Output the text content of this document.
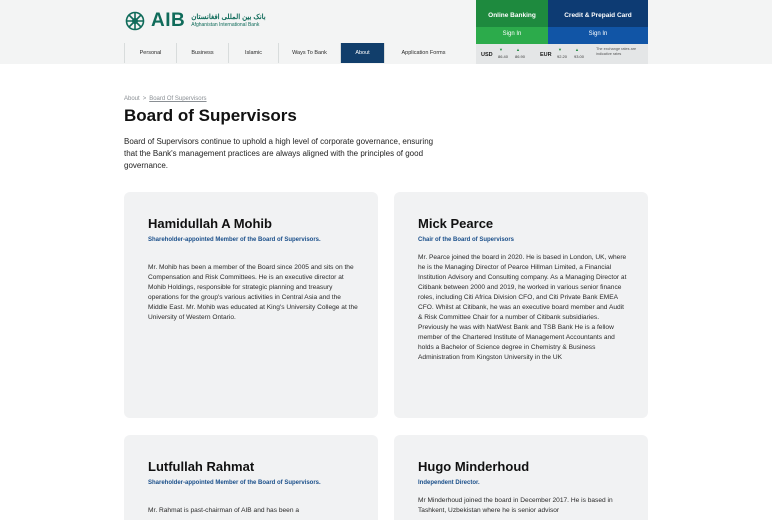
AIB بانک بین المللی افغانستان
Afghanistan International Bank
Personal	Business	Islamic	Ways To Bank	About	Application Forms
Online Banking
Sign In
Credit & Prepaid Card
Sign In
USD
▼
86.40
▲
86.90	EUR
▼
92.20
▲
93.00
The exchange rates are indicative rates
About > Board Of Supervisors
Board of Supervisors

Board of Supervisors continue to uphold a high level of corporate governance, ensuring that the Bank's management practices are always aligned with the principles of good governance.

Hamidullah A Mohib
Shareholder-appointed Member of the Board of Supervisors.
Mr. Mohib has been a member of the Board since 2005 and sits on the Compensation and Risk Committees. He is an executive director at Mohib Holdings, responsible for strategic planning and treasury operations for the group's various activities in Central Asia and the Middle East. Mr. Mohib was educated at King's University College at the University of Western Ontario.
Mick Pearce
Chair of the Board of Supervisors
Mr. Pearce joined the board in 2020. He is based in London, UK, where he is the Managing Director of Pearce Hillman Limited, a Financial Institution Advisory and Consulting company. As a Managing Director at Citibank between 2000 and 2019, he worked in various senior finance roles, including Citi Africa Division CFO, and Citi Private Bank EMEA CFO. Whilst at Citibank, he was an executive board member and Audit & Risk Committee Chair for a number of Citibank subsidiaries. Previously he was with NatWest Bank and TSB Bank He is a fellow member of the Chartered Institute of Management Accountants and holds a Bachelor of Science degree in Chemistry & Business Administration from Kingston University in the UK
Lutfullah Rahmat
Shareholder-appointed Member of the Board of Supervisors.
Mr. Rahmat is past-chairman of AIB and has been a
Hugo Minderhoud
Independent Director.
Mr Minderhoud joined the board in December 2017. He is based in Tashkent, Uzbekistan where he is senior advisor
